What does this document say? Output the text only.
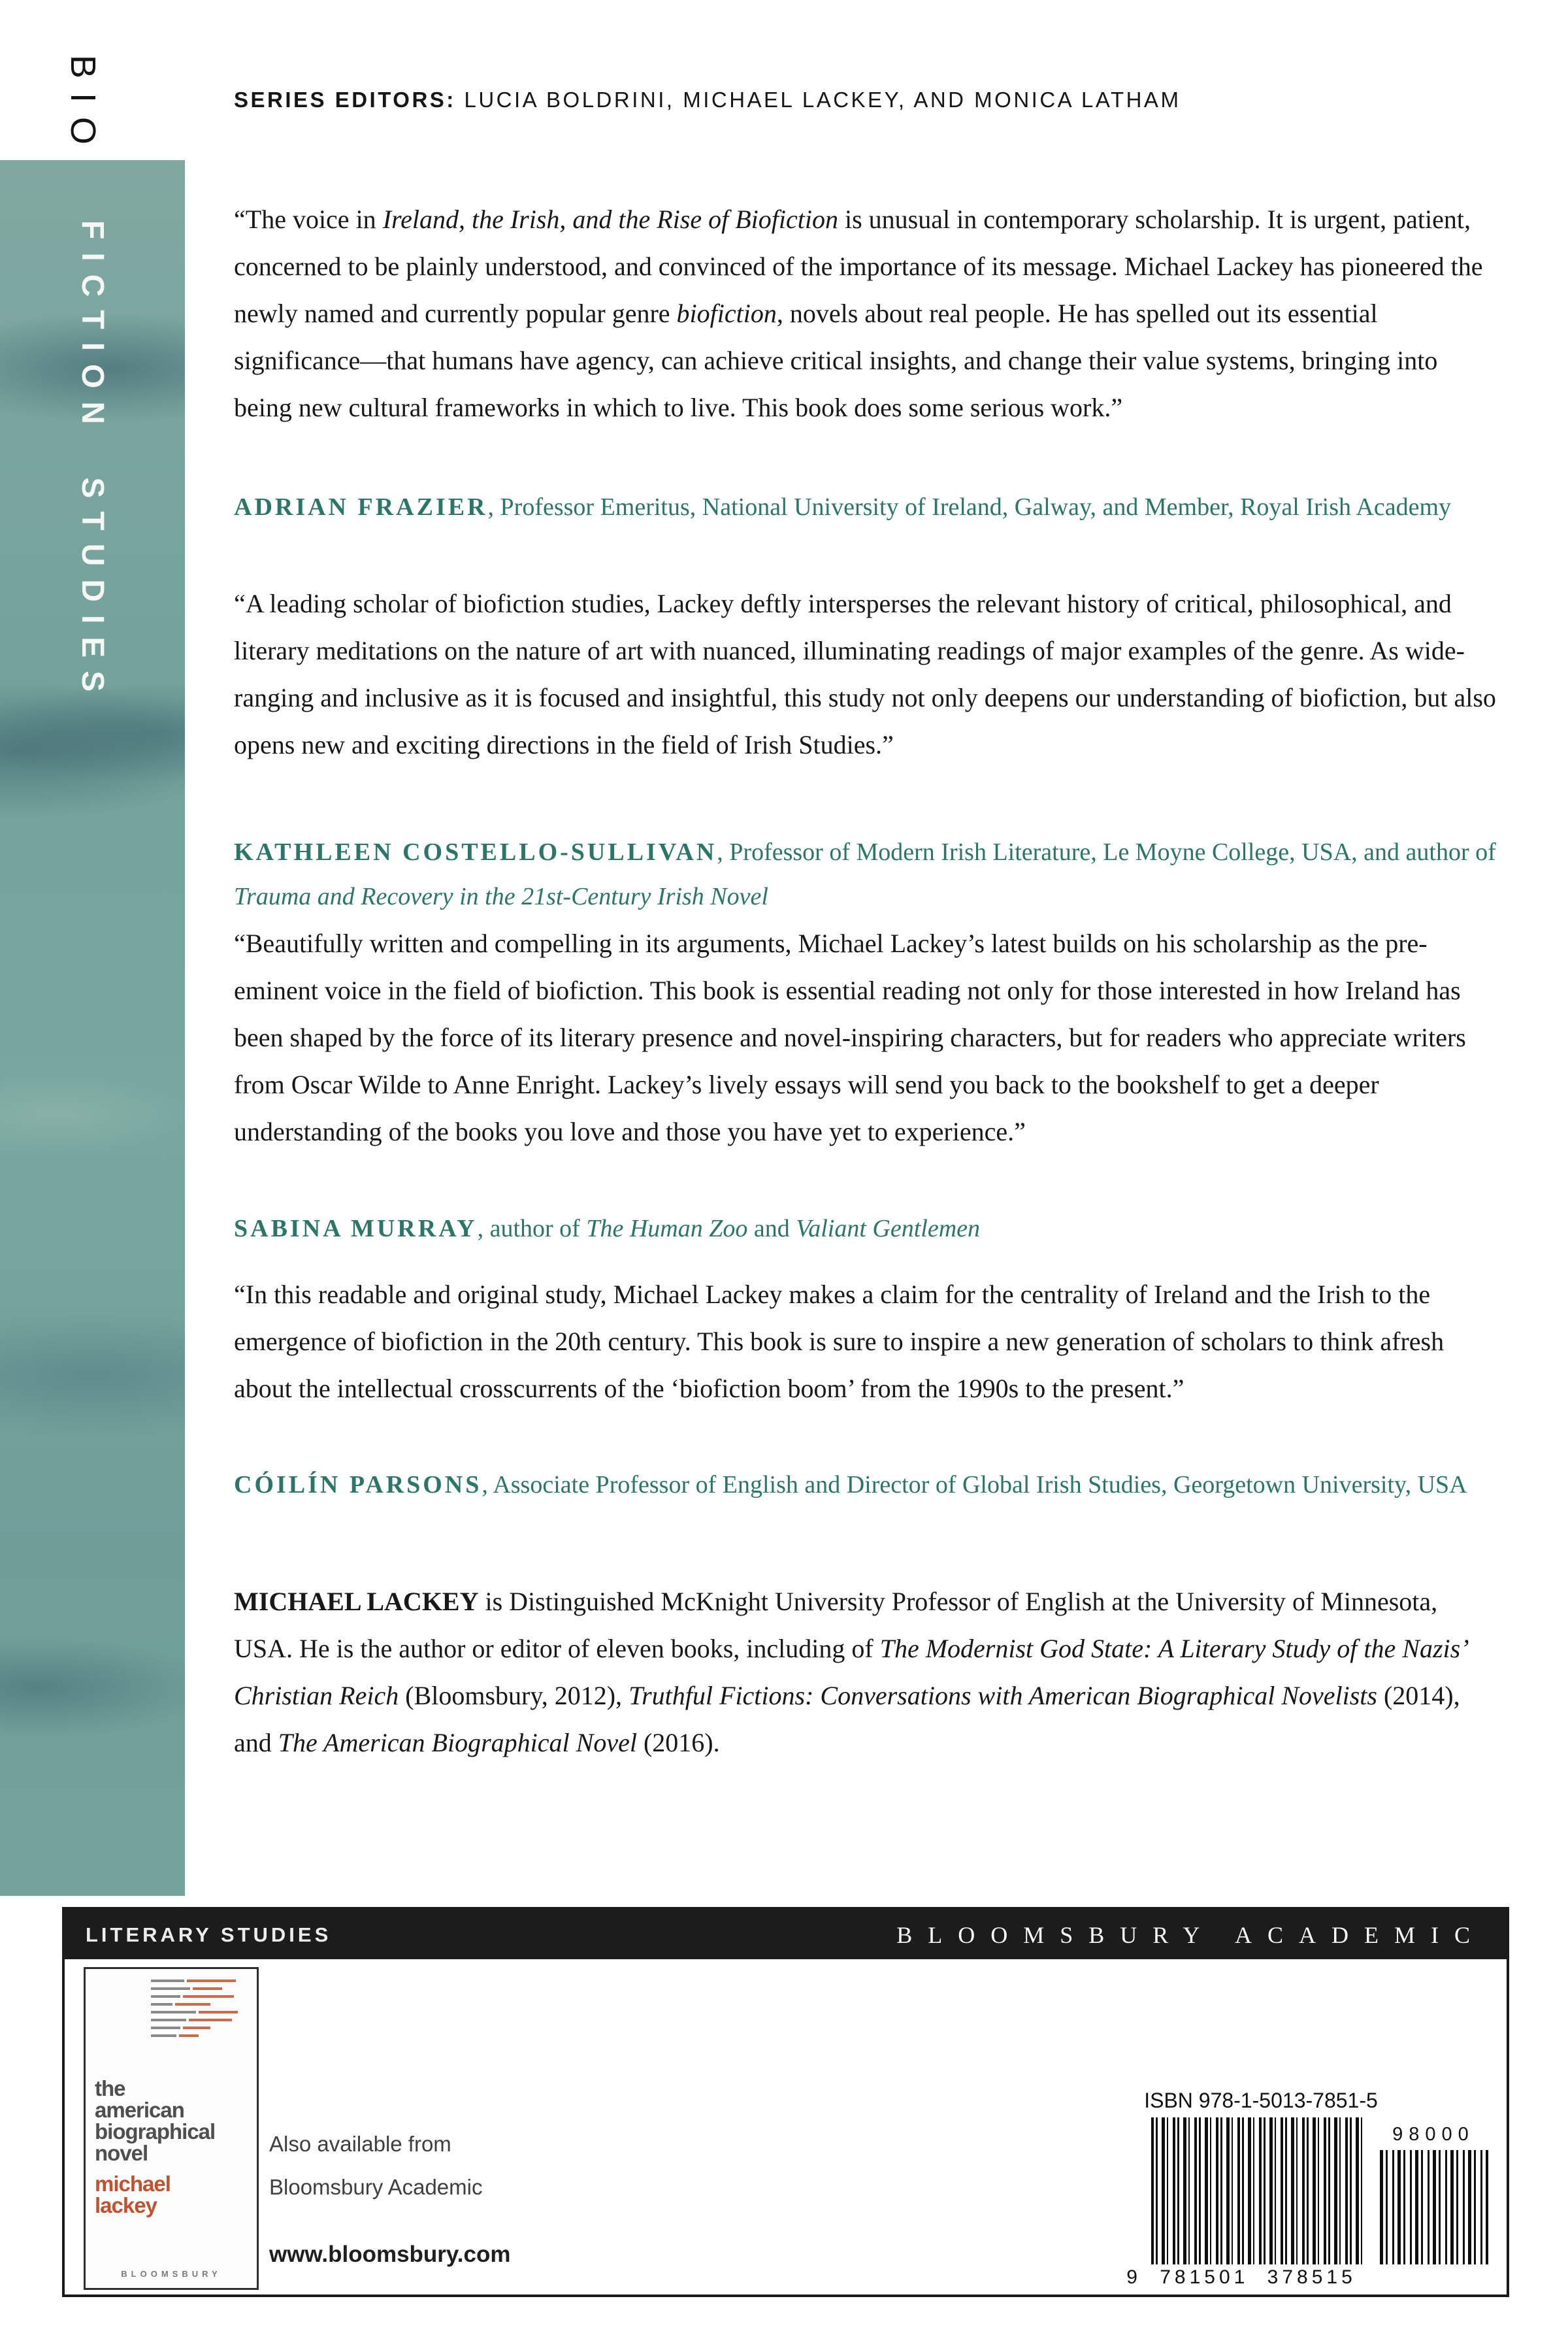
BIO
FICTION STUDIES
SERIES EDITORS: LUCIA BOLDRINI, MICHAEL LACKEY, AND MONICA LATHAM
“The voice in Ireland, the Irish, and the Rise of Biofiction is unusual in contemporary scholarship. It is urgent, patient, concerned to be plainly understood, and convinced of the importance of its message. Michael Lackey has pioneered the newly named and currently popular genre biofiction, novels about real people. He has spelled out its essential significance—that humans have agency, can achieve critical insights, and change their value systems, bringing into being new cultural frameworks in which to live. This book does some serious work.”
ADRIAN FRAZIER, Professor Emeritus, National University of Ireland, Galway, and Member, Royal Irish Academy
“A leading scholar of biofiction studies, Lackey deftly intersperses the relevant history of critical, philosophical, and literary meditations on the nature of art with nuanced, illuminating readings of major examples of the genre. As wide-ranging and inclusive as it is focused and insightful, this study not only deepens our understanding of biofiction, but also opens new and exciting directions in the field of Irish Studies.”
KATHLEEN COSTELLO-SULLIVAN, Professor of Modern Irish Literature, Le Moyne College, USA, and author of Trauma and Recovery in the 21st-Century Irish Novel
“Beautifully written and compelling in its arguments, Michael Lackey’s latest builds on his scholarship as the pre-eminent voice in the field of biofiction. This book is essential reading not only for those interested in how Ireland has been shaped by the force of its literary presence and novel-inspiring characters, but for readers who appreciate writers from Oscar Wilde to Anne Enright. Lackey’s lively essays will send you back to the bookshelf to get a deeper understanding of the books you love and those you have yet to experience.”
SABINA MURRAY, author of The Human Zoo and Valiant Gentlemen
“In this readable and original study, Michael Lackey makes a claim for the centrality of Ireland and the Irish to the emergence of biofiction in the 20th century. This book is sure to inspire a new generation of scholars to think afresh about the intellectual crosscurrents of the ‘biofiction boom’ from the 1990s to the present.”
CÓILÍN PARSONS, Associate Professor of English and Director of Global Irish Studies, Georgetown University, USA
MICHAEL LACKEY is Distinguished McKnight University Professor of English at the University of Minnesota, USA. He is the author or editor of eleven books, including of The Modernist God State: A Literary Study of the Nazis’ Christian Reich (Bloomsbury, 2012), Truthful Fictions: Conversations with American Biographical Novelists (2014), and The American Biographical Novel (2016).
LITERARY STUDIES	BLOOMSBURY ACADEMIC
the
american
biographical
novel
michael
lackey
BLOOMSBURY
Also available from
Bloomsbury Academic
www.bloomsbury.com
ISBN 978-1-5013-7851-5
9 781501 378515
98000
